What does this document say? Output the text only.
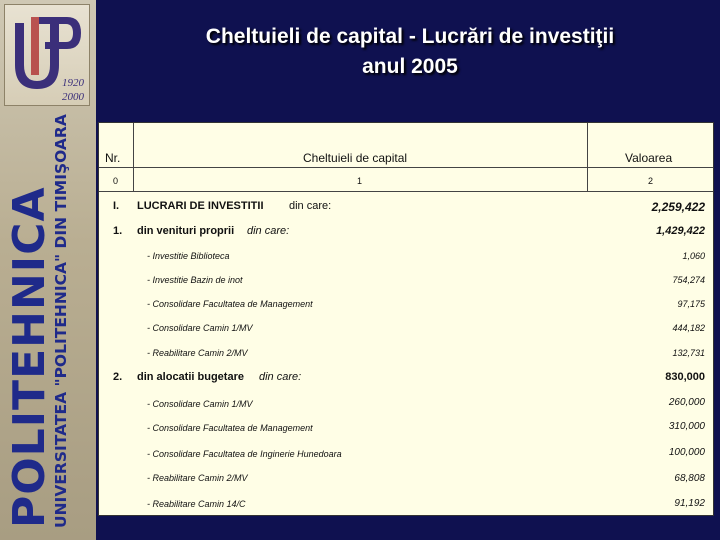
1920
2000
POLITEHNICA
UNIVERSITATEA "POLITEHNICA" DIN TIMIŞOARA
Cheltuieli de capital - Lucrări de investiţii
anul 2005
Nr.	Cheltuieli de capital	Valoarea
0	1	2
I. LUCRARI DE INVESTITII din care:	2,259,422
1. din venituri proprii din care:	1,429,422
- Investitie Biblioteca	1,060
- Investitie Bazin de inot	754,274
- Consolidare Facultatea de Management	97,175
- Consolidare Camin 1/MV	444,182
- Reabilitare Camin 2/MV	132,731
2. din alocatii bugetare din care:	830,000
- Consolidare Camin 1/MV	260,000
- Consolidare Facultatea de Management	310,000
- Consolidare Facultatea de Inginerie Hunedoara	100,000
- Reabilitare Camin 2/MV	68,808
- Reabilitare Camin 14/C	91,192
